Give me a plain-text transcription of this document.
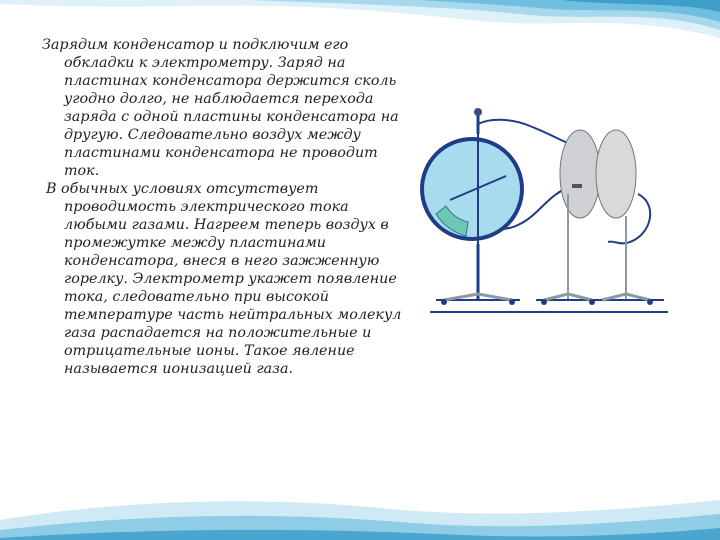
Зарядим конденсатор и подключим его обкладки к электрометру. Заряд на пластинах конденсатора держится сколь угодно долго, не наблюдается перехода заряда с одной пластины конденсатора на другую. Следовательно воздух между пластинами конденсатора не проводит ток.

В обычных условиях отсутствует проводимость электрического тока любыми газами. Нагреем теперь воздух в промежутке между пластинами конденсатора, внеся в него зажженную горелку. Электрометр укажет появление тока, следовательно при высокой температуре часть нейтральных молекул газа распадается на положительные и отрицательные ионы. Такое явление называется ионизацией газа.
